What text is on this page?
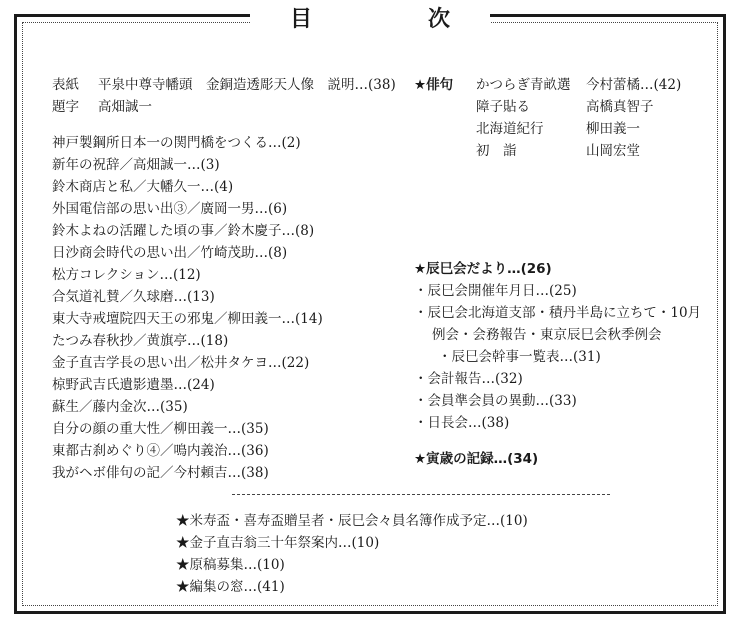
目	次
表紙	平泉中尊寺幡頭　金銅造透彫天人像　説明…(38)
題字	高畑誠一
神戸製鋼所日本一の関門橋をつくる…(2)
新年の祝辞／高畑誠一…(3)
鈴木商店と私／大幡久一…(4)
外国電信部の思い出③／廣岡一男…(6)
鈴木よねの活躍した頃の事／鈴木慶子…(8)
日沙商会時代の思い出／竹崎茂助…(8)
松方コレクション…(12)
合気道礼賛／久球磨…(13)
東大寺戒壇院四天王の邪鬼／柳田義一…(14)
たつみ春秋抄／黄旗亭…(18)
金子直吉学長の思い出／松井タケヨ…(22)
椋野武吉氏遺影遺墨…(24)
蘇生／藤内金次…(35)
自分の顔の重大性／柳田義一…(35)
東都古刹めぐり④／鳴内義治…(36)
我がヘボ俳句の記／今村頼吉…(38)
★俳句	かつらぎ青畝選	今村蕾橘…(42)
障子貼る	高橋真智子
北海道紀行	柳田義一
初　詣	山岡宏堂
★辰巳会だより…(26)
・辰巳会開催年月日…(25)
・辰巳会北海道支部・積丹半島に立ちて・10月
例会・会務報告・東京辰巳会秋季例会
・辰巳会幹事一覧表…(31)
・会計報告…(32)
・会員準会員の異動…(33)
・日長会…(38)
★寅歳の記録…(34)
★米寿盃・喜寿盃贈呈者・辰巳会々員名簿作成予定…(10)
★金子直吉翁三十年祭案内…(10)
★原稿募集…(10)
★編集の窓…(41)
